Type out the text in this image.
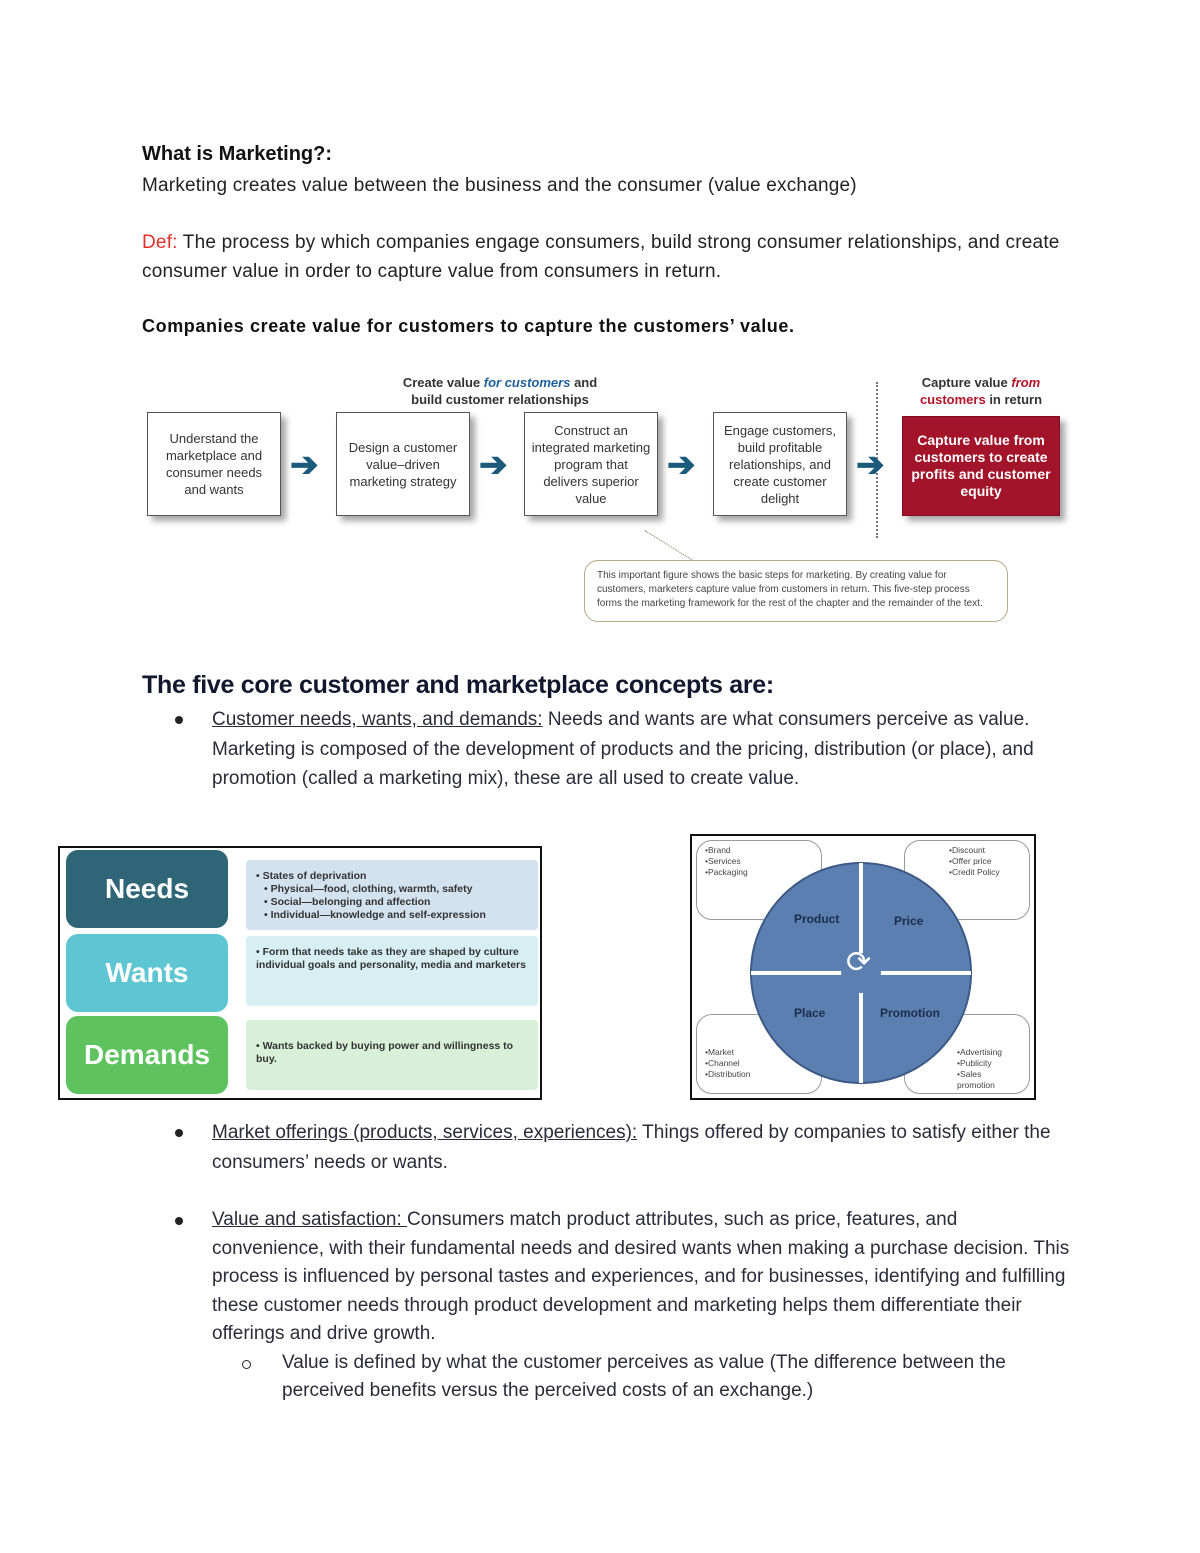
What is Marketing?:
Marketing creates value between the business and the consumer (value exchange)
Def: The process by which companies engage consumers, build strong consumer relationships, and create consumer value in order to capture value from consumers in return.
Companies create value for customers to capture the customers’ value.
Create value for customers and
build customer relationships
Capture value from
customers in return
Understand the marketplace and consumer needs and wants
➔	Design a customer value–driven marketing strategy ➔
Construct an integrated marketing program that delivers superior value
➔
Engage customers, build profitable relationships, and create customer delight
➔
Capture value from customers to create profits and customer equity
This important figure shows the basic steps for marketing. By creating value for customers, marketers capture value from customers in return. This five-step process forms the marketing framework for the rest of the chapter and the remainder of the text.
The five core customer and marketplace concepts are:
Customer needs, wants, and demands: Needs and wants are what consumers perceive as value. Marketing is composed of the development of products and the pricing, distribution (or place), and promotion (called a marketing mix), these are all used to create value.
Needs	• States of deprivation
• Physical—food, clothing, warmth, safety
• Social—belonging and affection
• Individual—knowledge and self-expression
Wants
• Form that needs take as they are shaped by culture individual goals and personality, media and marketers
Demands	• Wants backed by buying power and willingness to buy.
•Brand
•Services
•Packaging
•Discount
•Offer price
•Credit Policy
•Market
•Channel
•Distribution
•Advertising
•Publicity
•Sales promotion
Product	Price
Place	Promotion
⟳
Market offerings (products, services, experiences): Things offered by companies to satisfy either the consumers’ needs or wants.
Value and satisfaction: Consumers match product attributes, such as price, features, and convenience, with their fundamental needs and desired wants when making a purchase decision. This process is influenced by personal tastes and experiences, and for businesses, identifying and fulfilling these customer needs through product development and marketing helps them differentiate their offerings and drive growth.
Value is defined by what the customer perceives as value (The difference between the perceived benefits versus the perceived costs of an exchange.)
